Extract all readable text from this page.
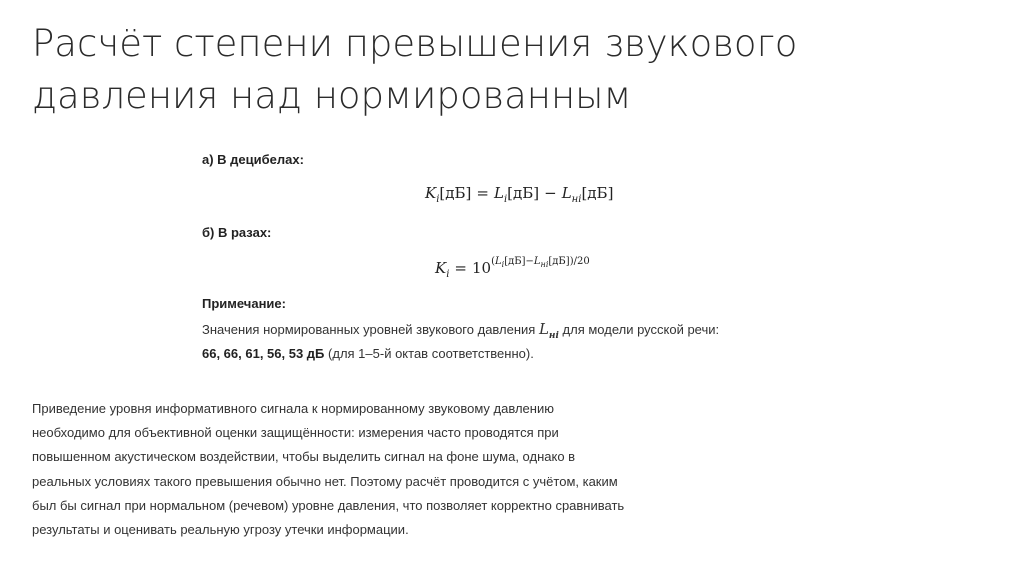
Расчёт степени превышения звукового
давления над нормированным
а) В децибелах:
$K_i[дБ] = L_i[дБ] - L_{ні}[дБ]$
б) В разах:
$K_i = 10^{(L_i[дБ]-L_{ні}[дБ])/20}$
Примечание:
Значения нормированных уровней звукового давления $L_{нi}$ для модели русской речи:
66, 66, 61, 56, 53 дБ (для 1–5-й октав соответственно).
Приведение уровня информативного сигнала к нормированному звуковому давлению
необходимо для объективной оценки защищённости: измерения часто проводятся при
повышенном акустическом воздействии, чтобы выделить сигнал на фоне шума, однако в
реальных условиях такого превышения обычно нет. Поэтому расчёт проводится с учётом, каким
был бы сигнал при нормальном (речевом) уровне давления, что позволяет корректно сравнивать
результаты и оценивать реальную угрозу утечки информации.
